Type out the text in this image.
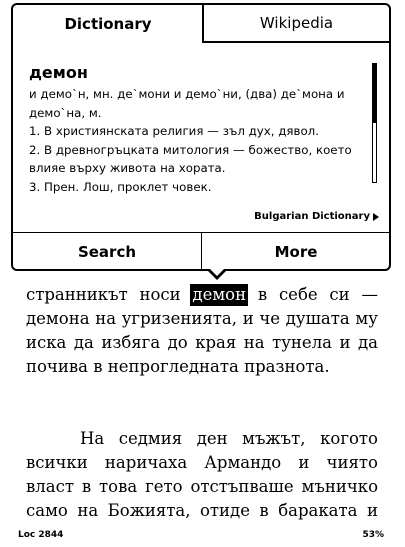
странникът носи демон в себе си —
демона на угризенията, и че душата му
иска да избяга до края на тунела и да
почива в непрогледната празнота.
На седмия ден мъжът, когото
всички наричаха Армандо и чиято
власт в това гето отстъпваше мъничко
само на Божията, отиде в бараката и
Loc 2844	53%
Dictionary	Wikipedia
демон
и демо`н, мн. де`мони и демо`ни, (два) де`мона и
демо`на, м.
1. В християнската религия — зъл дух, дявол.
2. В древногръцката митология — божество, което
влияе върху живота на хората.
3. Прен. Лош, проклет човек.
Bulgarian Dictionary
Search	More
